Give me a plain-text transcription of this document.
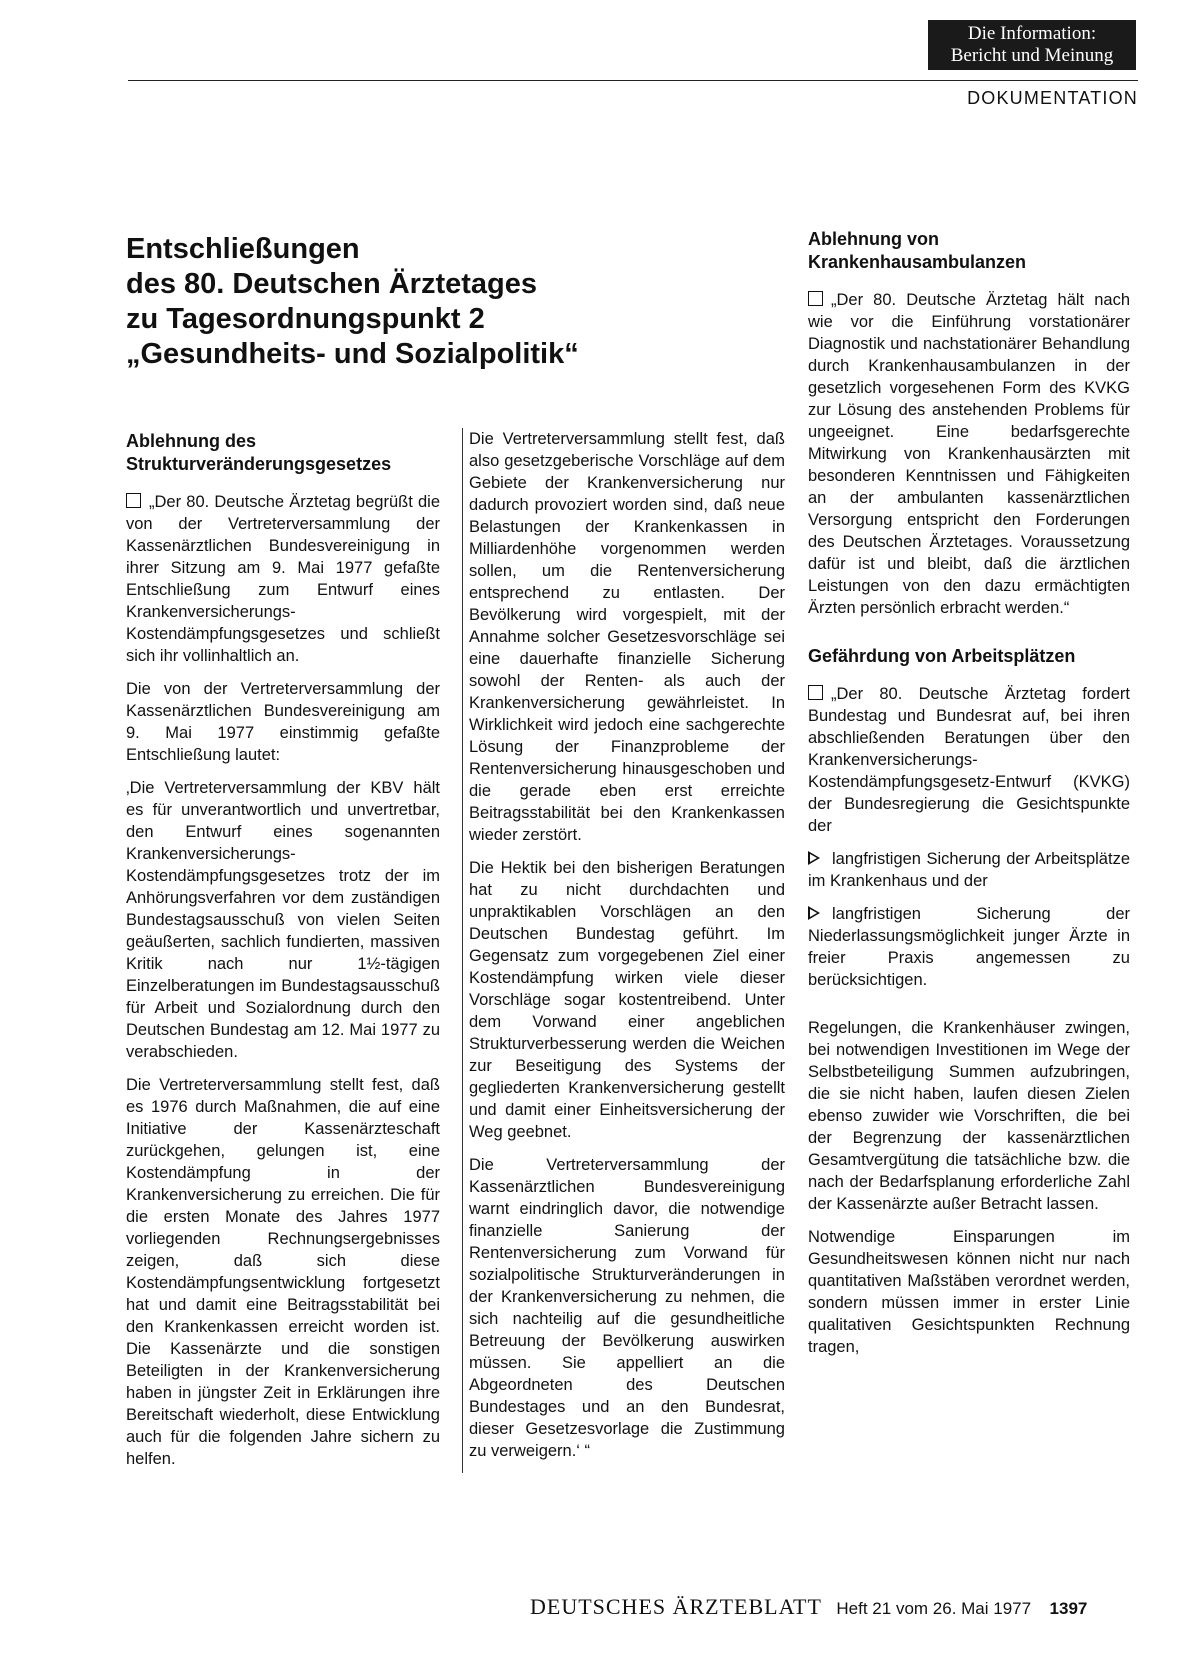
Die Information:
Bericht und Meinung
DOKUMENTATION
Entschließungen
des 80. Deutschen Ärztetages
zu Tagesordnungspunkt 2
„Gesundheits- und Sozialpolitik“
Ablehnung des Strukturveränderungsgesetzes

„Der 80. Deutsche Ärztetag begrüßt die von der Vertreterversammlung der Kassenärztlichen Bundesvereinigung in ihrer Sitzung am 9. Mai 1977 gefaßte Entschließung zum Entwurf eines Krankenversicherungs-Kostendämpfungsgesetzes und schließt sich ihr vollinhaltlich an.

Die von der Vertreterversammlung der Kassenärztlichen Bundesvereinigung am 9. Mai 1977 einstimmig gefaßte Entschließung lautet:

‚Die Vertreterversammlung der KBV hält es für unverantwortlich und unvertretbar, den Entwurf eines sogenannten Krankenversicherungs-Kostendämpfungsgesetzes trotz der im Anhörungsverfahren vor dem zuständigen Bundestagsausschuß von vielen Seiten geäußerten, sachlich fundierten, massiven Kritik nach nur 1½-tägigen Einzelberatungen im Bundestagsausschuß für Arbeit und Sozialordnung durch den Deutschen Bundestag am 12. Mai 1977 zu verabschieden.

Die Vertreterversammlung stellt fest, daß es 1976 durch Maßnahmen, die auf eine Initiative der Kassenärzteschaft zurückgehen, gelungen ist, eine Kostendämpfung in der Krankenversicherung zu erreichen. Die für die ersten Monate des Jahres 1977 vorliegenden Rechnungsergebnisses zeigen, daß sich diese Kostendämpfungsentwicklung fortgesetzt hat und damit eine Beitragsstabilität bei den Krankenkassen erreicht worden ist. Die Kassenärzte und die sonstigen Beteiligten in der Krankenversicherung haben in jüngster Zeit in Erklärungen ihre Bereitschaft wiederholt, diese Entwicklung auch für die folgenden Jahre sichern zu helfen.

Die Vertreterversammlung stellt fest, daß also gesetzgeberische Vorschläge auf dem Gebiete der Krankenversicherung nur dadurch provoziert worden sind, daß neue Belastungen der Krankenkassen in Milliardenhöhe vorgenommen werden sollen, um die Rentenversicherung entsprechend zu entlasten. Der Bevölkerung wird vorgespielt, mit der Annahme solcher Gesetzesvorschläge sei eine dauerhafte finanzielle Sicherung sowohl der Renten- als auch der Krankenversicherung gewährleistet. In Wirklichkeit wird jedoch eine sachgerechte Lösung der Finanzprobleme der Rentenversicherung hinausgeschoben und die gerade eben erst erreichte Beitragsstabilität bei den Krankenkassen wieder zerstört.

Die Hektik bei den bisherigen Beratungen hat zu nicht durchdachten und unpraktikablen Vorschlägen an den Deutschen Bundestag geführt. Im Gegensatz zum vorgegebenen Ziel einer Kostendämpfung wirken viele dieser Vorschläge sogar kostentreibend. Unter dem Vorwand einer angeblichen Strukturverbesserung werden die Weichen zur Beseitigung des Systems der gegliederten Krankenversicherung gestellt und damit einer Einheitsversicherung der Weg geebnet.

Die Vertreterversammlung der Kassenärztlichen Bundesvereinigung warnt eindringlich davor, die notwendige finanzielle Sanierung der Rentenversicherung zum Vorwand für sozialpolitische Strukturveränderungen in der Krankenversicherung zu nehmen, die sich nachteilig auf die gesundheitliche Betreuung der Bevölkerung auswirken müssen. Sie appelliert an die Abgeordneten des Deutschen Bundestages und an den Bundesrat, dieser Gesetzesvorlage die Zustimmung zu verweigern.‘ “

Ablehnung von Krankenhausambulanzen

„Der 80. Deutsche Ärztetag hält nach wie vor die Einführung vorstationärer Diagnostik und nachstationärer Behandlung durch Krankenhausambulanzen in der gesetzlich vorgesehenen Form des KVKG zur Lösung des anstehenden Problems für ungeeignet. Eine bedarfsgerechte Mitwirkung von Krankenhausärzten mit besonderen Kenntnissen und Fähigkeiten an der ambulanten kassenärztlichen Versorgung entspricht den Forderungen des Deutschen Ärztetages. Voraussetzung dafür ist und bleibt, daß die ärztlichen Leistungen von den dazu ermächtigten Ärzten persönlich erbracht werden.“

Gefährdung von Arbeitsplätzen

„Der 80. Deutsche Ärztetag fordert Bundestag und Bundesrat auf, bei ihren abschließenden Beratungen über den Krankenversicherungs-Kostendämpfungsgesetz-Entwurf (KVKG) der Bundesregierung die Gesichtspunkte der

langfristigen Sicherung der Arbeitsplätze im Krankenhaus und der

langfristigen Sicherung der Niederlassungsmöglichkeit junger Ärzte in freier Praxis angemessen zu berücksichtigen.

Regelungen, die Krankenhäuser zwingen, bei notwendigen Investitionen im Wege der Selbstbeteiligung Summen aufzubringen, die sie nicht haben, laufen diesen Zielen ebenso zuwider wie Vorschriften, die bei der Begrenzung der kassenärztlichen Gesamtvergütung die tatsächliche bzw. die nach der Bedarfsplanung erforderliche Zahl der Kassenärzte außer Betracht lassen.

Notwendige Einsparungen im Gesundheitswesen können nicht nur nach quantitativen Maßstäben verordnet werden, sondern müssen immer in erster Linie qualitativen Gesichtspunkten Rechnung tragen,

DEUTSCHES ÄRZTEBLATT Heft 21 vom 26. Mai 1977 1397
